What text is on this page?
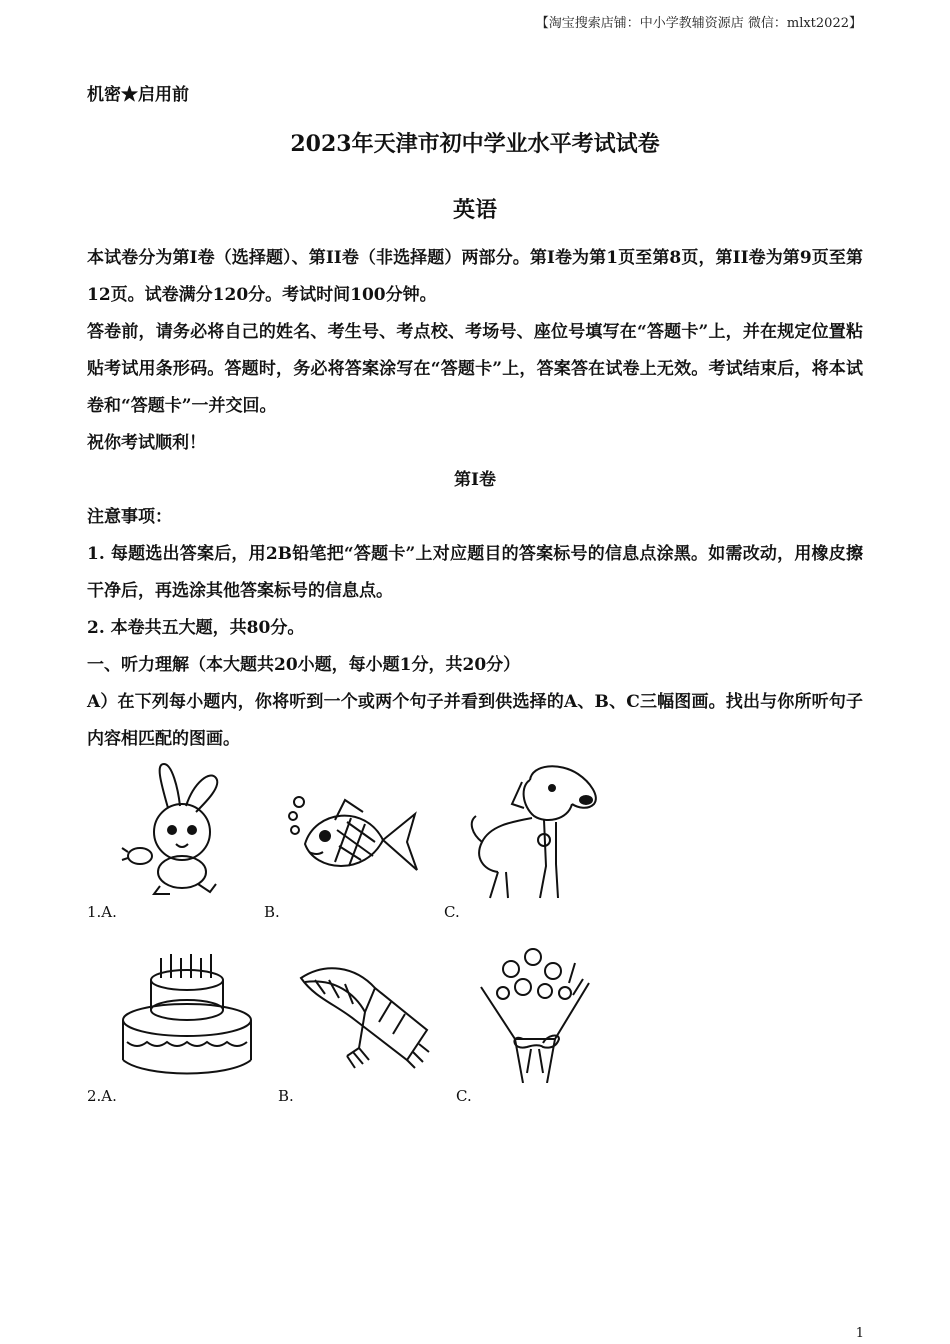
【淘宝搜索店铺：中小学教辅资源店 微信：mlxt2022】
机密★启用前
2023年天津市初中学业水平考试试卷
英语

本试卷分为第I卷（选择题）、第II卷（非选择题）两部分。第I卷为第1页至第8页，第II卷为第9页至第12页。试卷满分120分。考试时间100分钟。

答卷前，请务必将自己的姓名、考生号、考点校、考场号、座位号填写在“答题卡”上，并在规定位置粘贴考试用条形码。答题时，务必将答案涂写在“答题卡”上，答案答在试卷上无效。考试结束后，将本试卷和“答题卡”一并交回。

祝你考试顺利！

第I卷

注意事项：

1. 每题选出答案后，用2B铅笔把“答题卡”上对应题目的答案标号的信息点涂黑。如需改动，用橡皮擦干净后，再选涂其他答案标号的信息点。

2. 本卷共五大题，共80分。

一、听力理解（本大题共20小题，每小题1分，共20分）

A）在下列每小题内，你将听到一个或两个句子并看到供选择的A、B、C三幅图画。找出与你所听句子内容相匹配的图画。

1.A.	B.	C.
2.A.	B.	C.
1
